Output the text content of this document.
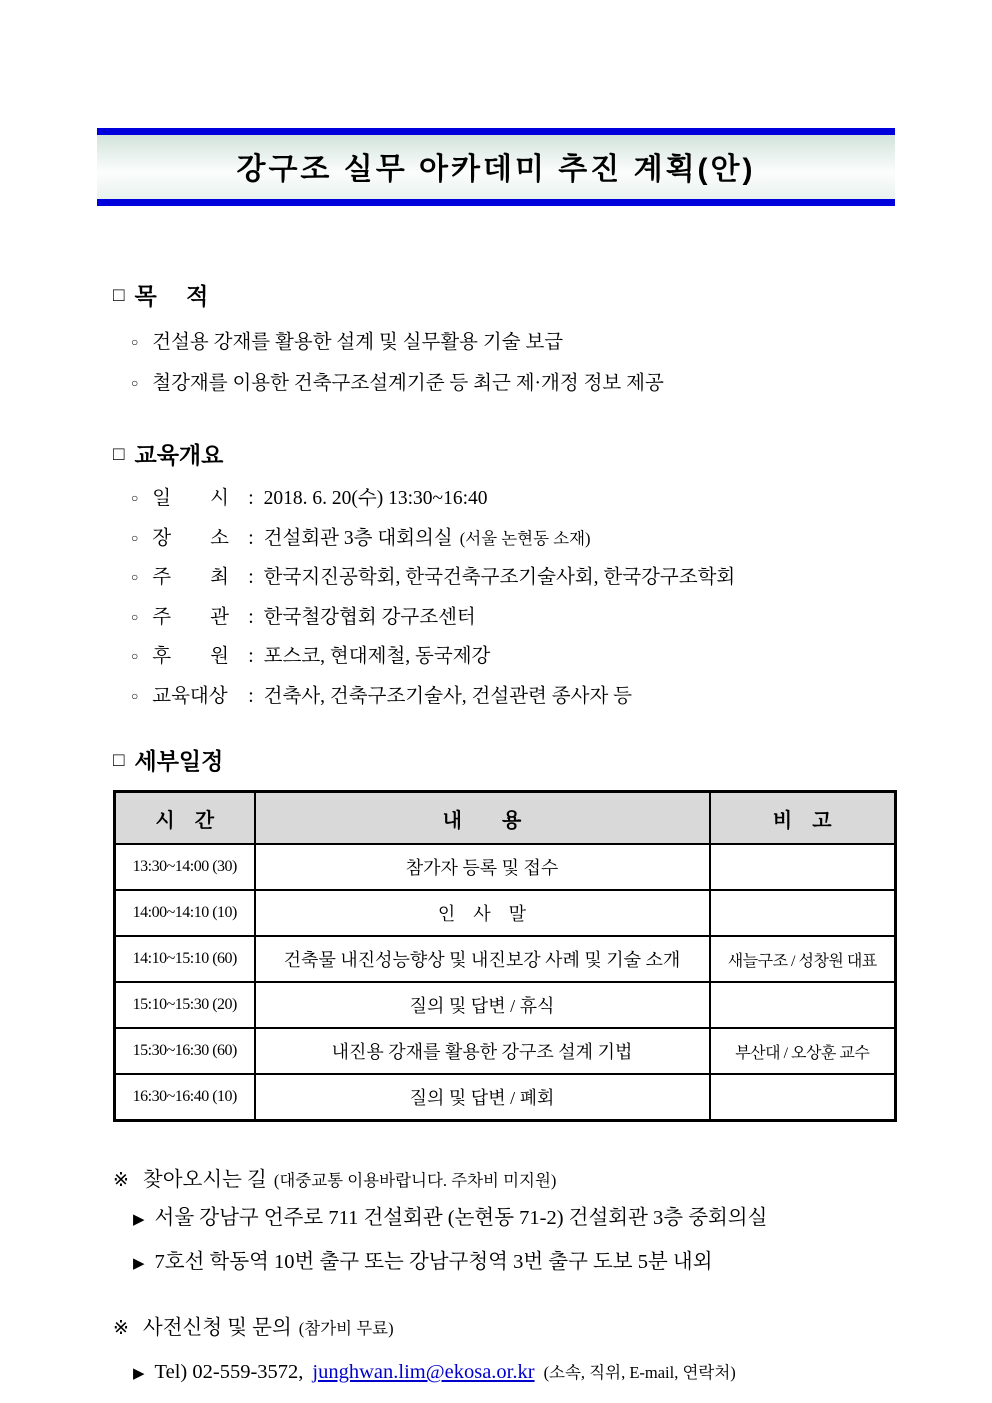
강구조 실무 아카데미 추진 계획(안)
□ 목　 적
○ 건설용 강재를 활용한 설계 및 실무활용 기술 보급
○ 철강재를 이용한 건축구조설계기준 등 최근 제·개정 정보 제공
□ 교육개요
○ 일　　시 : 2018. 6. 20(수) 13:30~16:40
○ 장　　소 : 건설회관 3층 대회의실 (서울 논현동 소재)
○ 주　　최 : 한국지진공학회, 한국건축구조기술사회, 한국강구조학회
○ 주　　관 : 한국철강협회 강구조센터
○ 후　　원 : 포스코, 현대제철, 동국제강
○ 교육대상	: 건축사, 건축구조기술사, 건설관련 종사자 등
□ 세부일정
시　간	내　　용	비　고
13:30~14:00 (30)	참가자 등록 및 접수	
14:00~14:10 (10)	인　사　말	
14:10~15:10 (60)	건축물 내진성능향상 및 내진보강 사례 및 기술 소개	새늘구조 / 성창원 대표
15:10~15:30 (20)	질의 및 답변 / 휴식	
15:30~16:30 (60)	내진용 강재를 활용한 강구조 설계 기법	부산대 / 오상훈 교수
16:30~16:40 (10)	질의 및 답변 / 폐회	
※ 찾아오시는 길 (대중교통 이용바랍니다. 주차비 미지원)
▶ 서울 강남구 언주로 711 건설회관 (논현동 71-2) 건설회관 3층 중회의실
▶ 7호선 학동역 10번 출구 또는 강남구청역 3번 출구 도보 5분 내외
※ 사전신청 및 문의 (참가비 무료)
▶ Tel) 02-559-3572, junghwan.lim@ekosa.or.kr (소속, 직위, E-mail, 연락처)
